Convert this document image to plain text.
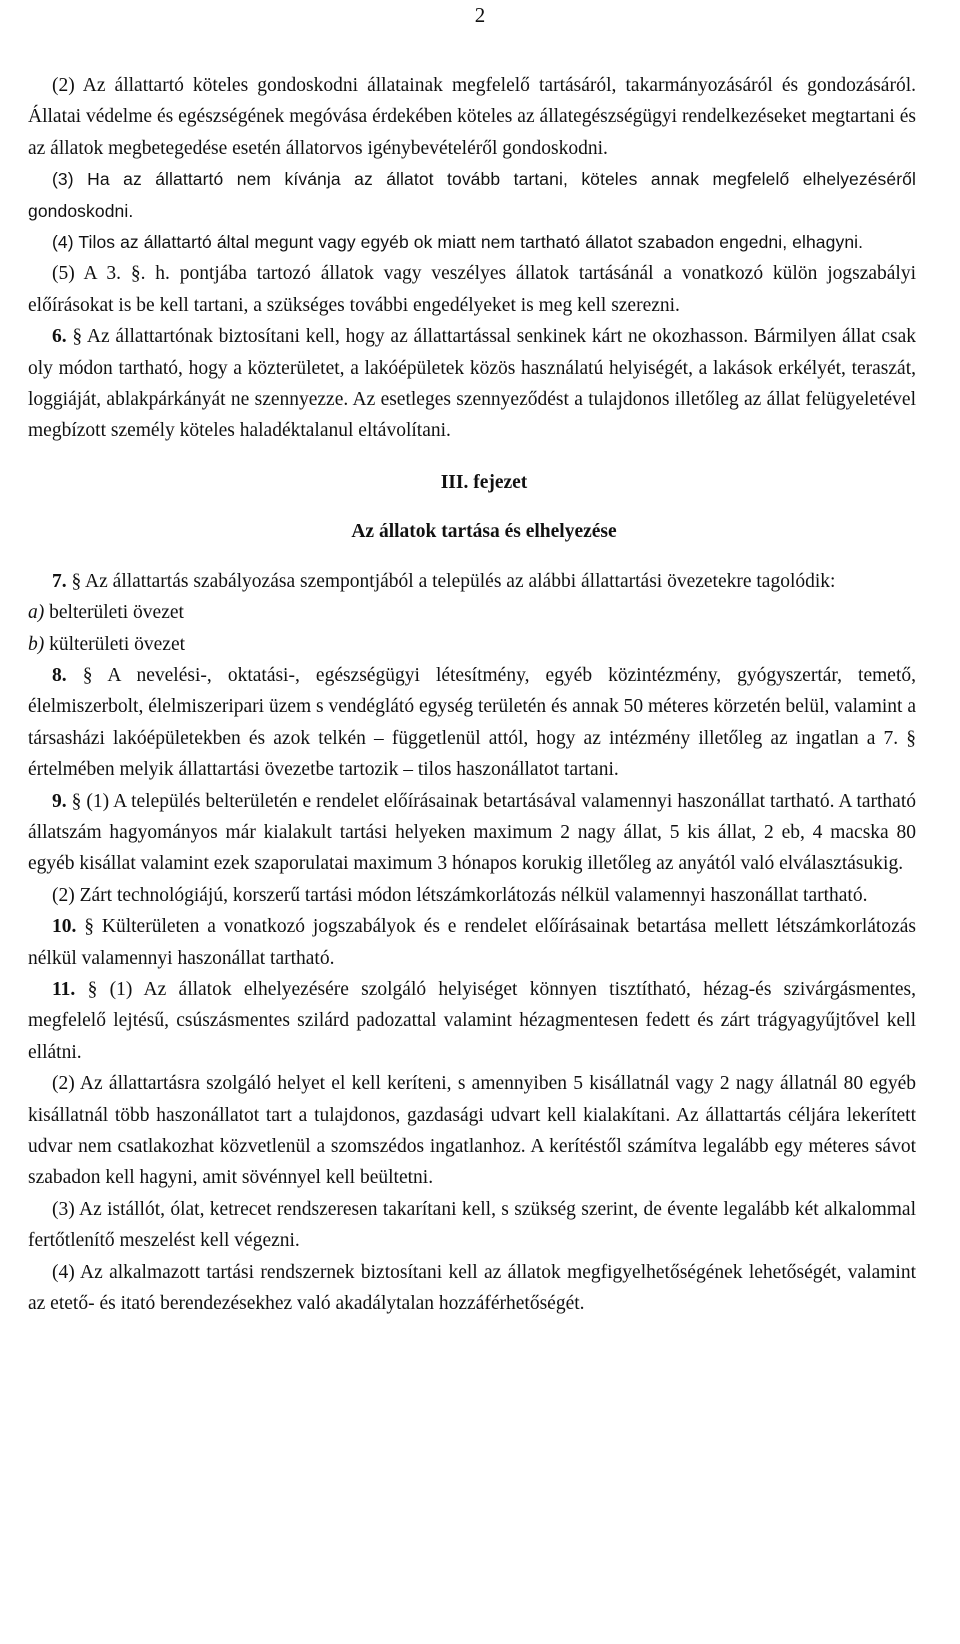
2

(2) Az állattartó köteles gondoskodni állatainak megfelelő tartásáról, takarmányozásáról és gondozásáról. Állatai védelme és egészségének megóvása érdekében köteles az állategészségügyi rendelkezéseket megtartani és az állatok megbetegedése esetén állatorvos igénybevételéről gondoskodni.

(3) Ha az állattartó nem kívánja az állatot tovább tartani, köteles annak megfelelő elhelyezéséről gondoskodni.

(4) Tilos az állattartó által megunt vagy egyéb ok miatt nem tartható állatot szabadon engedni, elhagyni.

(5) A 3. §. h. pontjába tartozó állatok vagy veszélyes állatok tartásánál a vonatkozó külön jogszabályi előírásokat is be kell tartani, a szükséges további engedélyeket is meg kell szerezni.

6. § Az állattartónak biztosítani kell, hogy az állattartással senkinek kárt ne okozhasson. Bármilyen állat csak oly módon tartható, hogy a közterületet, a lakóépületek közös használatú helyiségét, a lakások erkélyét, teraszát, loggiáját, ablakpárkányát ne szennyezze. Az esetleges szennyeződést a tulajdonos illetőleg az állat felügyeletével megbízott személy köteles haladéktalanul eltávolítani.

III. fejezet

Az állatok tartása és elhelyezése

7. § Az állattartás szabályozása szempontjából a település az alábbi állattartási övezetekre tagolódik:

a) belterületi övezet

b) külterületi övezet

8. § A nevelési-, oktatási-, egészségügyi létesítmény, egyéb közintézmény, gyógyszertár, temető, élelmiszerbolt, élelmiszeripari üzem s vendéglátó egység területén és annak 50 méteres körzetén belül, valamint a társasházi lakóépületekben és azok telkén – függetlenül attól, hogy az intézmény illetőleg az ingatlan a 7. § értelmében melyik állattartási övezetbe tartozik – tilos haszonállatot tartani.

9. § (1) A település belterületén e rendelet előírásainak betartásával valamennyi haszonállat tartható. A tartható állatszám hagyományos már kialakult tartási helyeken maximum 2 nagy állat, 5 kis állat, 2 eb, 4 macska 80 egyéb kisállat valamint ezek szaporulatai maximum 3 hónapos korukig illetőleg az anyától való elválasztásukig.

(2) Zárt technológiájú, korszerű tartási módon létszámkorlátozás nélkül valamennyi haszonállat tartható.

10. § Külterületen a vonatkozó jogszabályok és e rendelet előírásainak betartása mellett létszámkorlátozás nélkül valamennyi haszonállat tartható.

11. § (1) Az állatok elhelyezésére szolgáló helyiséget könnyen tisztítható, hézag-és szivárgásmentes, megfelelő lejtésű, csúszásmentes szilárd padozattal valamint hézagmentesen fedett és zárt trágyagyűjtővel kell ellátni.

(2) Az állattartásra szolgáló helyet el kell keríteni, s amennyiben 5 kisállatnál vagy 2 nagy állatnál 80 egyéb kisállatnál több haszonállatot tart a tulajdonos, gazdasági udvart kell kialakítani. Az állattartás céljára lekerített udvar nem csatlakozhat közvetlenül a szomszédos ingatlanhoz. A kerítéstől számítva legalább egy méteres sávot szabadon kell hagyni, amit sövénnyel kell beültetni.

(3) Az istállót, ólat, ketrecet rendszeresen takarítani kell, s szükség szerint, de évente legalább két alkalommal fertőtlenítő meszelést kell végezni.

(4) Az alkalmazott tartási rendszernek biztosítani kell az állatok megfigyelhetőségének lehetőségét, valamint az etető- és itató berendezésekhez való akadálytalan hozzáférhetőségét.
